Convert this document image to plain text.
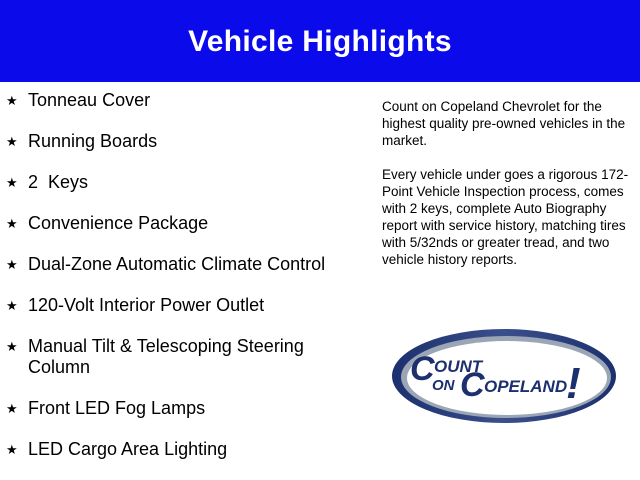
Vehicle Highlights
★ Tonneau Cover
★ Running Boards
★ 2  Keys
★ Convenience Package
★ Dual-Zone Automatic Climate Control
★ 120-Volt Interior Power Outlet
★ Manual Tilt & Telescoping Steering Column
★ Front LED Fog Lamps
★ LED Cargo Area Lighting

Count on Copeland Chevrolet for the highest quality pre-owned vehicles in the market.

Every vehicle under goes a rigorous 172-Point Vehicle Inspection process, comes with 2 keys, complete Auto Biography report with service history, matching tires with 5/32nds or greater tread, and two vehicle history reports.

C OUNT
ON C OPELAND
!
